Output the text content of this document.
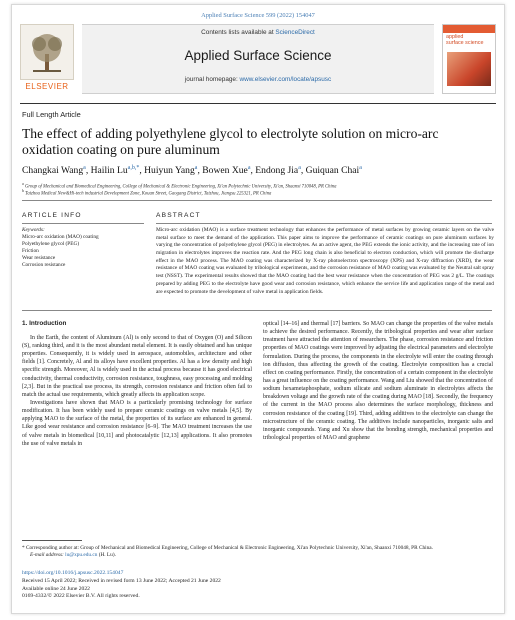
Applied Surface Science 599 (2022) 154047
ELSEVIER
Contents lists available at ScienceDirect
Applied Surface Science
journal homepage: www.elsevier.com/locate/apsusc
applied
surface science
Full Length Article
The effect of adding polyethylene glycol to electrolyte solution on micro-arc oxidation coating on pure aluminum
Changkai Wang$^a$, Hailin $Lu^{a,b,*}$, Huiyun Yang$^a$, Bowen Xue$^a$, Endong Jia$^a$, Guiquan Chai$^a$
$^a$ Group of Mechanical and Biomedical Engineering, College of Mechanical & Electronic Engineering, Xi'an Polytechnic University, Xi'an, Shaanxi 710048, PR China
$^b$ Taizhou Medical New&Hi-tech industrial Development Zone, Kouan Street, Gaogang District, Taizhou, Jiangsu 225321, PR China
ARTICLE INFO	ABSTRACT
Keywords:
Micro-arc oxidation (MAO) coating
Polyethylene glycol (PEG)
Friction
Wear resistance
Corrosion resistance
Micro-arc oxidation (MAO) is a surface treatment technology that enhances the performance of metal surfaces by growing ceramic layers on the valve metal surface to meet the demand of the application. This paper aims to improve the performance of ceramic coatings on pure aluminum surfaces by varying the concentration of polyethylene glycol (PEG) in electrolytes. As an active agent, the PEG extends the ionic activity, and the increasing rate of ion migration in electrolytes improves the reaction rate. And the PEG long chain is also beneficial to electron conduction, which will promote the discharge effect in the MAO process. The MAO coating was characterized by X-ray photoelectron spectroscopy (XPS) and X-ray diffraction (XRD), the wear resistance of MAO coating was evaluated by tribological experiments, and the corrosion resistance of MAO coating was evaluated by the Neutral salt spray test (NSST). The experimental results showed that the MAO coating had the best wear resistance when the concentration of PEG was 2 g/L. The coatings prepared by adding PEG to the electrolyte have good wear and corrosion resistance, which enhance the service life and application range of the metal and are expected to promote the development of valve metal in application fields.
1. Introduction

In the Earth, the content of Aluminum (Al) is only second to that of Oxygen (O) and Silicon (S), ranking third, and it is the most abundant metal element. It is easily obtained and has unique properties. Consequently, it is widely used in aerospace, automobiles, architecture and other fields [1]. Concretely, Al and its alloys have excellent properties. Al has a low density and high specific strength. Moreover, Al is widely used in the actual process because it has good electrical conductivity, thermal conductivity, corrosion resistance, toughness, easy processing and molding [2,3]. But in the practical use process, its strength, corrosion resistance and friction often fail to match the actual use requirements, which greatly affects its application scope.

Investigations have shown that MAO is a particularly promising technology for surface modification. It has been widely used to prepare ceramic coatings on valve metals [4,5]. By applying MAO to the surface of the metal, the properties of its surface are enhanced in general. Like good wear resistance and corrosion resistance [6–9]. The MAO treatment increases the use of valve metals in biomedical [10,11] and photocatalytic [12,13] applications. It also promotes the use of valve metals in

optical [14–16] and thermal [17] barriers. So MAO can change the properties of the valve metals to achieve the desired performance. Recently, the tribological properties and wear after surface treatment have attracted the attention of researchers. The phase, corrosion resistance and friction properties of MAO coatings were improved by adjusting the electrical parameters and electrolyte formulation. During the process, the components in the electrolyte will enter the coating through ion diffusion, thus affecting the growth of the coating. Electrolyte composition has a crucial effect on coating performance. Firstly, the concentration of a certain component in the electrolyte has a great influence on the coating performance. Wang and Liu showed that the concentration of sodium hexametaphosphate, sodium silicate and sodium aluminate in electrolytes affects the breakdown voltage and the growth rate of the coating during MAO [18]. Secondly, the frequency of the current in the MAO process also determines the surface morphology, thickness and corrosion resistance of the coating [19]. Third, adding additives to the electrolyte can change the microstructure of the ceramic coating. The additives include nanoparticles, inorganic salts and inorganic compounds. Yang and Xu show that the bonding strength, mechanical properties and tribological properties of MAO and graphene

* Corresponding author at: Group of Mechanical and Biomedical Engineering, College of Mechanical & Electronic Engineering, Xi'an Polytechnic University, Xi'an, Shaanxi 710048, PR China.
E-mail address: lu@xpu.edu.cn (H. Lu).
https://doi.org/10.1016/j.apsusc.2022.154047
Received 15 April 2022; Received in revised form 13 June 2022; Accepted 21 June 2022
Available online 24 June 2022
0169-4332/© 2022 Elsevier B.V. All rights reserved.
